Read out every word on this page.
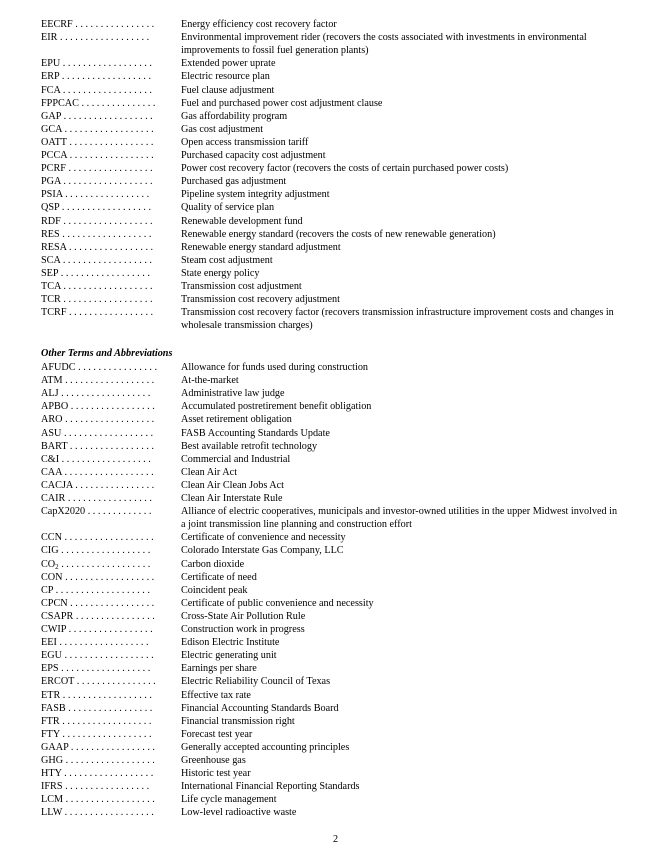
EECRF . . . . . . . . . . . . . . . .	Energy efficiency cost recovery factor
EIR . . . . . . . . . . . . . . . . . .	Environmental improvement rider (recovers the costs associated with investments in environmental improvements to fossil fuel generation plants)
EPU . . . . . . . . . . . . . . . . . .	Extended power uprate
ERP . . . . . . . . . . . . . . . . . .	Electric resource plan
FCA . . . . . . . . . . . . . . . . . .	Fuel clause adjustment
FPPCAC . . . . . . . . . . . . . . .	Fuel and purchased power cost adjustment clause
GAP . . . . . . . . . . . . . . . . . .	Gas affordability program
GCA . . . . . . . . . . . . . . . . . .	Gas cost adjustment
OATT . . . . . . . . . . . . . . . . .	Open access transmission tariff
PCCA . . . . . . . . . . . . . . . . .	Purchased capacity cost adjustment
PCRF . . . . . . . . . . . . . . . . .	Power cost recovery factor (recovers the costs of certain purchased power costs)
PGA . . . . . . . . . . . . . . . . . .	Purchased gas adjustment
PSIA . . . . . . . . . . . . . . . . .	Pipeline system integrity adjustment
QSP . . . . . . . . . . . . . . . . . .	Quality of service plan
RDF . . . . . . . . . . . . . . . . . .	Renewable development fund
RES . . . . . . . . . . . . . . . . . .	Renewable energy standard (recovers the costs of new renewable generation)
RESA . . . . . . . . . . . . . . . . .	Renewable energy standard adjustment
SCA . . . . . . . . . . . . . . . . . .	Steam cost adjustment
SEP . . . . . . . . . . . . . . . . . .	State energy policy
TCA . . . . . . . . . . . . . . . . . .	Transmission cost adjustment
TCR . . . . . . . . . . . . . . . . . .	Transmission cost recovery adjustment
TCRF . . . . . . . . . . . . . . . . .	Transmission cost recovery factor (recovers transmission infrastructure improvement costs and changes in wholesale transmission charges)
Other Terms and Abbreviations
AFUDC . . . . . . . . . . . . . . . .	Allowance for funds used during construction
ATM . . . . . . . . . . . . . . . . . .	At-the-market
ALJ . . . . . . . . . . . . . . . . . .	Administrative law judge
APBO . . . . . . . . . . . . . . . . .	Accumulated postretirement benefit obligation
ARO . . . . . . . . . . . . . . . . . .	Asset retirement obligation
ASU . . . . . . . . . . . . . . . . . .	FASB Accounting Standards Update
BART . . . . . . . . . . . . . . . . .	Best available retrofit technology
C&I . . . . . . . . . . . . . . . . . .	Commercial and Industrial
CAA . . . . . . . . . . . . . . . . . .	Clean Air Act
CACJA . . . . . . . . . . . . . . . .	Clean Air Clean Jobs Act
CAIR . . . . . . . . . . . . . . . . .	Clean Air Interstate Rule
CapX2020 . . . . . . . . . . . . .	Alliance of electric cooperatives, municipals and investor-owned utilities in the upper Midwest involved in a joint transmission line planning and construction effort
CCN . . . . . . . . . . . . . . . . . .	Certificate of convenience and necessity
CIG . . . . . . . . . . . . . . . . . .	Colorado Interstate Gas Company, LLC
$CO_2$ . . . . . . . . . . . . . . . . . .	Carbon dioxide
CON . . . . . . . . . . . . . . . . . .	Certificate of need
CP . . . . . . . . . . . . . . . . . . .	Coincident peak
CPCN . . . . . . . . . . . . . . . . .	Certificate of public convenience and necessity
CSAPR . . . . . . . . . . . . . . . .	Cross-State Air Pollution Rule
CWIP . . . . . . . . . . . . . . . . .	Construction work in progress
EEI . . . . . . . . . . . . . . . . . .	Edison Electric Institute
EGU . . . . . . . . . . . . . . . . . .	Electric generating unit
EPS . . . . . . . . . . . . . . . . . .	Earnings per share
ERCOT . . . . . . . . . . . . . . . .	Electric Reliability Council of Texas
ETR . . . . . . . . . . . . . . . . . .	Effective tax rate
FASB . . . . . . . . . . . . . . . . .	Financial Accounting Standards Board
FTR . . . . . . . . . . . . . . . . . .	Financial transmission right
FTY . . . . . . . . . . . . . . . . . .	Forecast test year
GAAP . . . . . . . . . . . . . . . . .	Generally accepted accounting principles
GHG . . . . . . . . . . . . . . . . . .	Greenhouse gas
HTY . . . . . . . . . . . . . . . . . .	Historic test year
IFRS . . . . . . . . . . . . . . . . .	International Financial Reporting Standards
LCM . . . . . . . . . . . . . . . . . .	Life cycle management
LLW . . . . . . . . . . . . . . . . . .	Low-level radioactive waste
2
